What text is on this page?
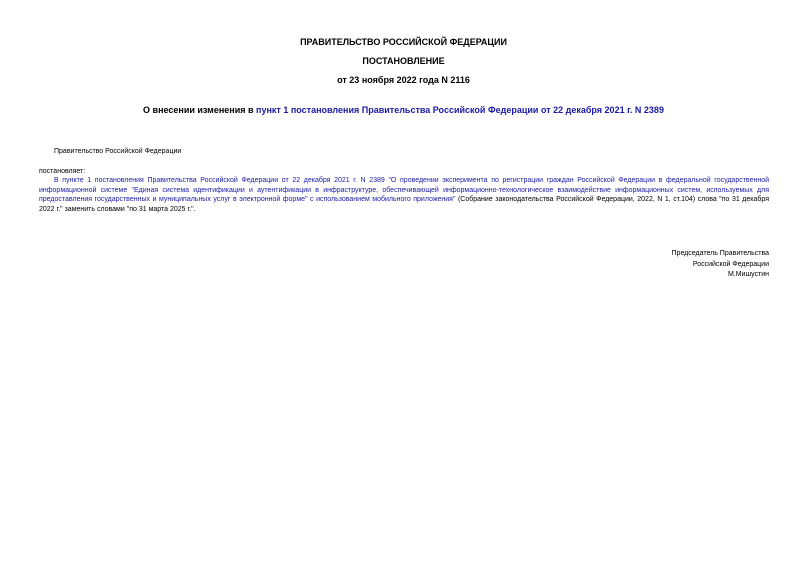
ПРАВИТЕЛЬСТВО РОССИЙСКОЙ ФЕДЕРАЦИИ
ПОСТАНОВЛЕНИЕ
от 23 ноября 2022 года N 2116
О внесении изменения в пункт 1 постановления Правительства Российской Федерации от 22 декабря 2021 г. N 2389
Правительство Российской Федерации
постановляет:
В пункте 1 постановления Правительства Российской Федерации от 22 декабря 2021 г. N 2389 "О проведении эксперимента по регистрации граждан Российской Федерации в федеральной государственной информационной системе "Единая система идентификации и аутентификации в инфраструктуре, обеспечивающей информационно-технологическое взаимодействие информационных систем, используемых для предоставления государственных и муниципальных услуг в электронной форме" с использованием мобильного приложения" (Собрание законодательства Российской Федерации, 2022, N 1, ст.104) слова "по 31 декабря 2022 г." заменить словами "по 31 марта 2025 г.".
Председатель Правительства
Российской Федерации
М.Мишустин
